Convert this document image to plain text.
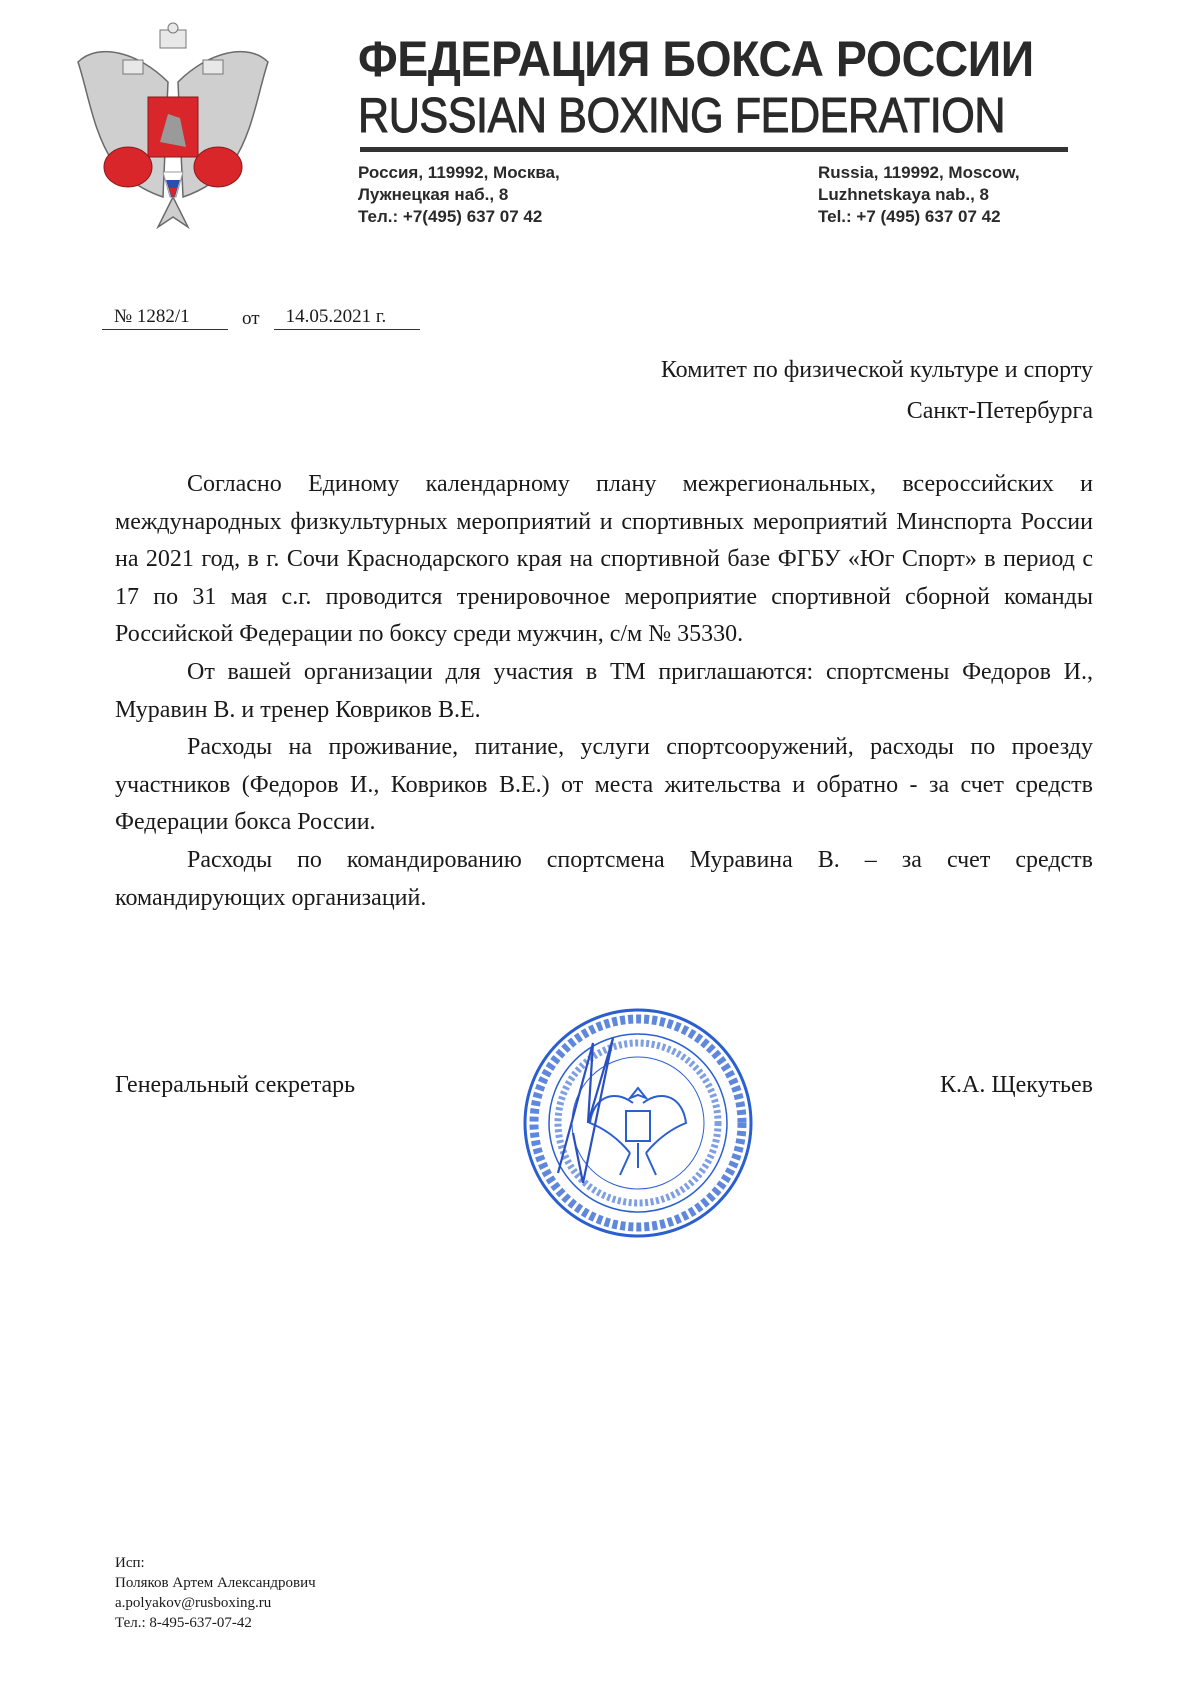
ФЕДЕРАЦИЯ БОКСА РОССИИ
RUSSIAN BOXING FEDERATION
Россия, 119992, Москва,
Лужнецкая наб., 8
Тел.: +7(495) 637 07 42
Russia, 119992, Moscow,
Luzhnetskaya nab., 8
Tel.: +7 (495) 637 07 42
№ 1282/1	от	14.05.2021 г.
Комитет по физической культуре и спорту
Санкт-Петербурга

Согласно Единому календарному плану межрегиональных, всероссийских и международных физкультурных мероприятий и спортивных мероприятий Минспорта России на 2021 год, в г. Сочи Краснодарского края на спортивной базе ФГБУ «Юг Спорт» в период с 17 по 31 мая с.г. проводится тренировочное мероприятие спортивной сборной команды Российской Федерации по боксу среди мужчин, с/м № 35330.

От вашей организации для участия в ТМ приглашаются: спортсмены Федоров И., Муравин В. и тренер Ковриков В.Е.

Расходы на проживание, питание, услуги спортсооружений, расходы по проезду участников (Федоров И., Ковриков В.Е.) от места жительства и обратно - за счет средств Федерации бокса России.

Расходы по командированию спортсмена Муравина В. – за счет средств командирующих организаций.

Генеральный секретарь	К.А. Щекутьев
Исп:
Поляков Артем Александрович
a.polyakov@rusboxing.ru
Тел.: 8-495-637-07-42
